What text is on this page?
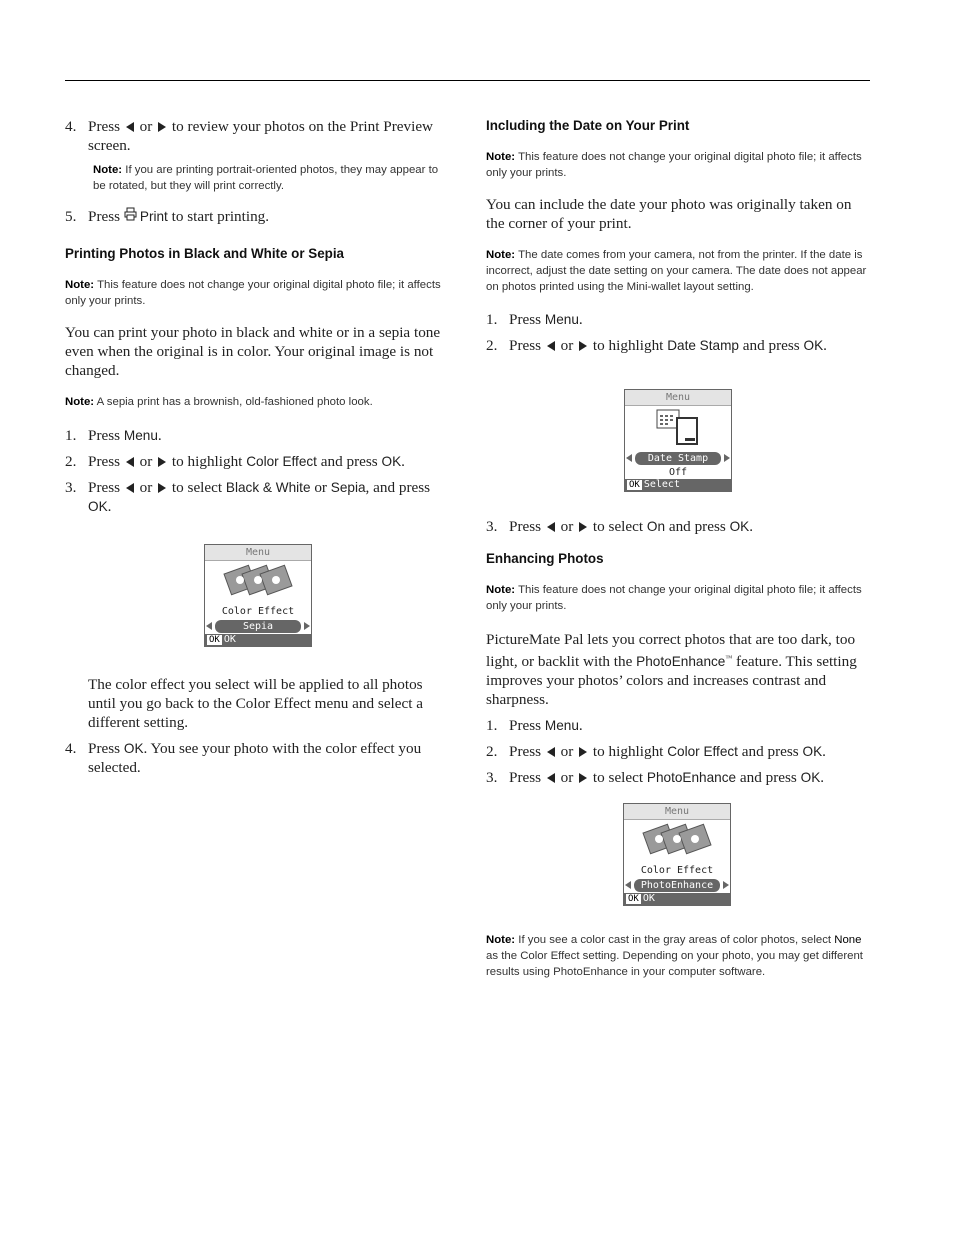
4. Press or to review your photos on the Print Preview screen.

Note: If you are printing portrait-oriented photos, they may appear to be rotated, but they will print correctly.

5. Press Print to start printing.
Printing Photos in Black and White or Sepia

Note: This feature does not change your original digital photo file; it affects only your prints.

You can print your photo in black and white or in a sepia tone even when the original is in color. Your original image is not changed.

Note: A sepia print has a brownish, old-fashioned photo look.

1. Press Menu.
2. Press or to highlight Color Effect and press OK.
3. Press or to select Black & White or Sepia, and press OK.
Menu
Color Effect
Sepia
OK OK

The color effect you select will be applied to all photos until you go back to the Color Effect menu and select a different setting.

4. Press OK. You see your photo with the color effect you selected.
Including the Date on Your Print

Note: This feature does not change your original digital photo file; it affects only your prints.

You can include the date your photo was originally taken on the corner of your print.

Note: The date comes from your camera, not from the printer. If the date is incorrect, adjust the date setting on your camera. The date does not appear on photos printed using the Mini-wallet layout setting.

1. Press Menu.
2. Press or to highlight Date Stamp and press OK.
Menu
Date Stamp
Off
OK Select
3. Press or to select On and press OK.
Enhancing Photos

Note: This feature does not change your original digital photo file; it affects only your prints.

PictureMate Pal lets you correct photos that are too dark, too light, or backlit with the PhotoEnhance™ feature. This setting improves your photos’ colors and increases contrast and sharpness.

1. Press Menu.
2. Press or to highlight Color Effect and press OK.
3. Press or to select PhotoEnhance and press OK.
Menu
Color Effect
PhotoEnhance
OK OK

Note: If you see a color cast in the gray areas of color photos, select None as the Color Effect setting. Depending on your photo, you may get different results using PhotoEnhance in your computer software.
